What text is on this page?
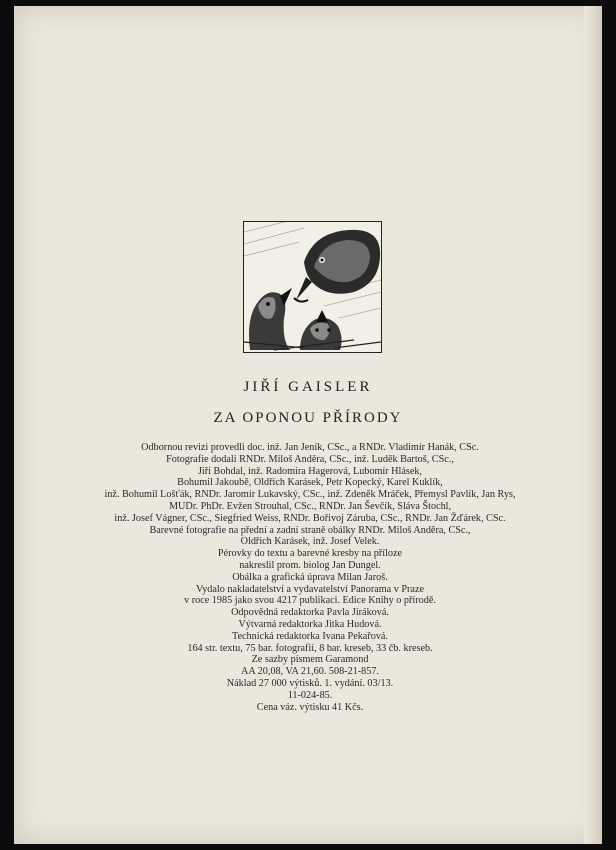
JIŘÍ GAISLER
ZA OPONOU PŘÍRODY
Odbornou revizi provedli doc. inž. Jan Jeník, CSc., a RNDr. Vladimír Hanák, CSc.
Fotografie dodali RNDr. Miloš Anděra, CSc., inž. Luděk Bartoš, CSc.,
Jiří Bohdal, inž. Radomíra Hagerová, Lubomír Hlásek,
Bohumil Jakoubě, Oldřich Karásek, Petr Kopecký, Karel Kuklík,
inž. Bohumil Lošťák, RNDr. Jaromír Lukavský, CSc., inž. Zdeněk Mráček, Přemysl Pavlík, Jan Rys,
MUDr. PhDr. Evžen Strouhal, CSc., RNDr. Jan Ševčík, Sláva Štochl,
inž. Josef Vágner, CSc., Siegfried Weiss, RNDr. Bořivoj Záruba, CSc., RNDr. Jan Žďárek, CSc.
Barevné fotografie na přední a zadní straně obálky RNDr. Miloš Anděra, CSc.,
Oldřich Karásek, inž. Josef Velek.
Pérovky do textu a barevné kresby na příloze
nakreslil prom. biolog Jan Dungel.
Obálka a grafická úprava Milan Jaroš.
Vydalo nakladatelství a vydavatelství Panorama v Praze
v roce 1985 jako svou 4217 publikaci. Edice Knihy o přírodě.
Odpovědná redaktorka Pavla Jiráková.
Výtvarná redaktorka Jitka Hudová.
Technická redaktorka Ivana Pekařová.
164 str. textu, 75 bar. fotografií, 8 bar. kreseb, 33 čb. kreseb.
Ze sazby písmem Garamond
AA 20,08, VA 21,60. 508-21-857.
Náklad 27 000 výtisků. 1. vydání. 03/13.
11-024-85.
Cena váz. výtisku 41 Kčs.
